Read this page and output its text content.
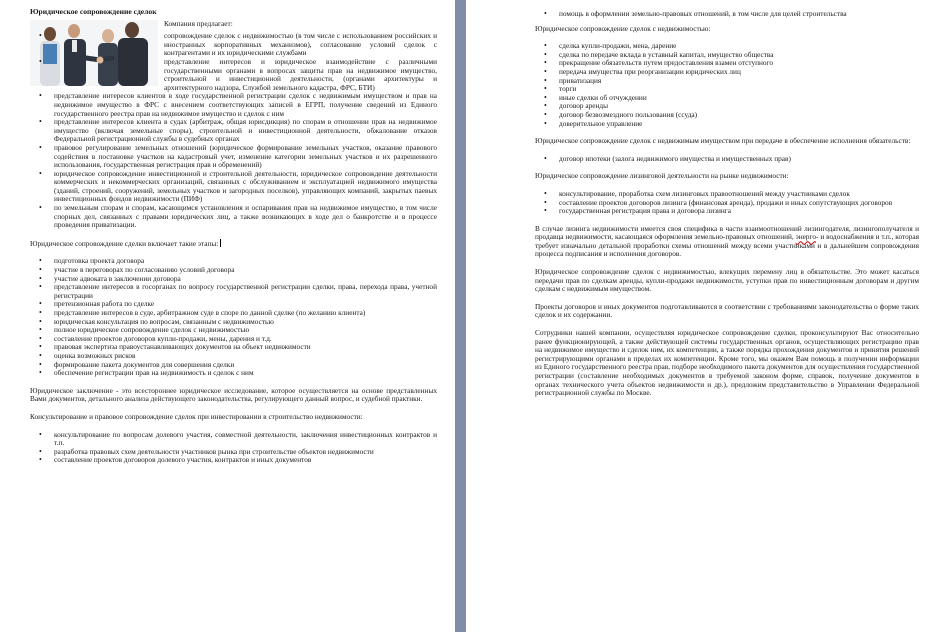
Юридическое сопровождение сделок
Компания предлагает:
• сопровождение сделок с недвижимостью (в том числе с использованием российских и иностранных корпоративных механизмов), согласование условий сделок с контрагентами и их юридическими службами
• представление интересов и юридическое взаимодействие с различными государственными органами в вопросах защиты прав на недвижимое имущество, строительной и инвестиционной деятельности, (органами архитектуры и архитектурного надзора, Службой земельного кадастра, ФРС, БТИ)
• представление интересов клиентов в ходе государственной регистрации сделок с недвижимым имуществом и прав на недвижимое имущество в ФРС с внесением соответствующих записей в ЕГРП, получение сведений из Единого государственного реестра прав на недвижимое имущество и сделок с ним
• представление интересов клиента в судах (арбитраж, общая юрисдикция) по спорам в отношении прав на недвижимое имущество (включая земельные споры), строительной и инвестиционной деятельности, обжалование отказов Федеральной регистрационной службы в судебных органах
• правовое регулирование земельных отношений (юридическое формирование земельных участков, оказание правового содействия в постановке участков на кадастровый учет, изменение категории земельных участков и их разрешенного использования, государственная регистрация прав и обременений)
• юридическое сопровождение инвестиционной и строительной деятельности, юридическое сопровождение деятельности коммерческих и некоммерческих организаций, связанных с обслуживанием и эксплуатацией недвижимого имущества (зданий, строений, сооружений, земельных участков и загородных поселков), управляющих компаний, закрытых паевых инвестиционных фондов недвижимости (ПИФ)
• по земельным спорам и спорам, касающимся установления и оспаривания прав на недвижимое имущество, в том числе спорных дел, связанных с правами юридических лиц, а также возникающих в ходе дел о банкротстве и в процессе проведения приватизации.

Юридическое сопровождение сделки включает такие этапы:

• подготовка проекта договора
• участие в переговорах по согласованию условий договора
• участие адвоката в заключении договора
• представление интересов в госорганах по вопросу государственной регистрации сделки, права, перехода права, учетной регистрации
• претензионная работа по сделке
• представление интересов в суде, арбитражном суде в споре по данной сделке (по желанию клиента)
• юридическая консультация по вопросам, связанным с недвижимостью
• полное юридическое сопровождение сделок с недвижимостью
• составление проектов договоров купли-продажи, мены, дарения и т.д.
• правовая экспертиза правоустанавливающих документов на объект недвижимости
• оценка возможных рисков
• формирование пакета документов для совершения сделки
• обеспечение регистрации прав на недвижимость и сделок с ним

Юридическое заключение - это всестороннее юридическое исследование, которое осуществляется на основе представленных Вами документов, детального анализа действующего законодательства, регулирующего данный вопрос, и судебной практики.

Консультирование и правовое сопровождение сделок при инвестировании в строительство недвижимости:

• консультирование по вопросам долевого участия, совместной деятельности, заключения инвестиционных контрактов и т.п.
• разработка правовых схем деятельности участников рынка при строительстве объектов недвижимости
• составление проектов договоров долевого участия, контрактов и иных документов
• помощь в оформлении земельно-правовых отношений, в том числе для целей строительства

Юридическое сопровождение сделок с недвижимостью:

• сделка купли-продажи, мена, дарение
• сделка по передаче вклада в уставный капитал, имущество общества
• прекращение обязательств путем предоставления взамен отступного
• передача имущества при реорганизации юридических лиц
• приватизация
• торги
• иные сделки об отчуждении
• договор аренды
• договор безвозмездного пользования (ссуда)
• доверительное управление

Юридическое сопровождение сделок с недвижимым имуществом при передаче в обеспечение исполнения обязательств:

• договор ипотеки (залога недвижимого имущества и имущественных прав)

Юридическое сопровождение лизинговой деятельности на рынке недвижимости:

• консультирование, проработка схем лизинговых правоотношений между участниками сделок
• составление проектов договоров лизинга (финансовая аренда), продажи и иных сопутствующих договоров
• государственная регистрация права и договора лизинга

В случае лизинга недвижимости имеется своя специфика в части взаимоотношений лизингодателя, лизингополучателя и продавца недвижимости, касающаяся оформления земельно-правовых отношений, энерго- и водоснабжения и т.п., которая требует изначально детальной проработки схемы отношений между всеми участниками и в дальнейшем сопровождения процесса подписания и исполнения договоров.

Юридическое сопровождение сделок с недвижимостью, влекущих перемену лиц в обязательстве. Это может касаться передачи прав по сделкам аренды, купли-продажи недвижимости, уступки прав по инвестиционным договорам и другим сделкам с недвижимым имуществом.

Проекты договоров и иных документов подготавливаются в соответствии с требованиями законодательства о форме таких сделок и их содержании.

Сотрудники нашей компании, осуществляя юридическое сопровождение сделки, проконсультируют Вас относительно ранее функционирующей, а также действующей системы государственных органов, осуществляющих регистрацию прав на недвижимое имущество и сделок ним, их компетенции, а также порядка прохождения документов и принятия решений регистрирующими органами в пределах их компетенции. Кроме того, мы окажем Вам помощь в получении информации из Единого государственного реестра прав, подборе необходимого пакета документов для осуществления государственной регистрации (составление необходимых документов в требуемой законом форме, справок, получение документов в органах технического учета объектов недвижимости и др.), предложим представительство в Управлении Федеральной регистрационной службы по Москве.
